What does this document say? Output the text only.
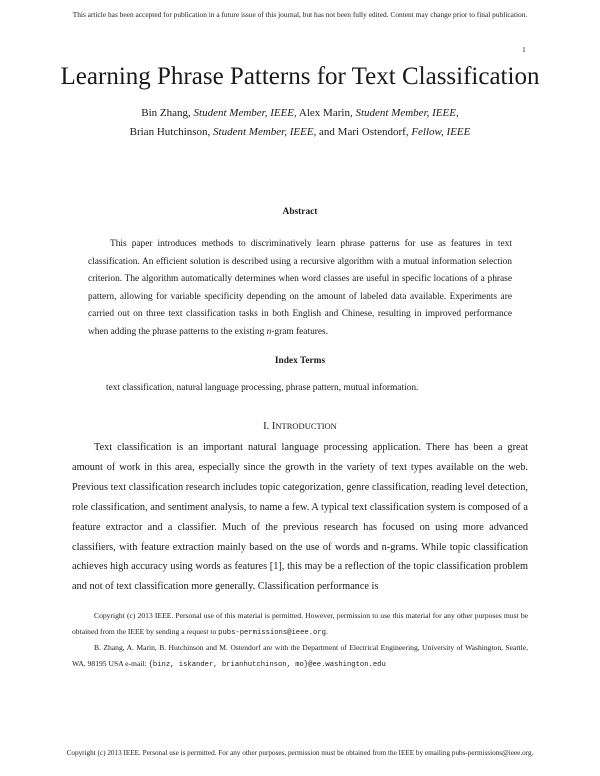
This article has been accepted for publication in a future issue of this journal, but has not been fully edited. Content may change prior to final publication.
1
Learning Phrase Patterns for Text Classification
Bin Zhang, Student Member, IEEE, Alex Marin, Student Member, IEEE,
Brian Hutchinson, Student Member, IEEE, and Mari Ostendorf, Fellow, IEEE
Abstract

This paper introduces methods to discriminatively learn phrase patterns for use as features in text classification. An efficient solution is described using a recursive algorithm with a mutual information selection criterion. The algorithm automatically determines when word classes are useful in specific locations of a phrase pattern, allowing for variable specificity depending on the amount of labeled data available. Experiments are carried out on three text classification tasks in both English and Chinese, resulting in improved performance when adding the phrase patterns to the existing n-gram features.

Index Terms
text classification, natural language processing, phrase pattern, mutual information.
I. INTRODUCTION

Text classification is an important natural language processing application. There has been a great amount of work in this area, especially since the growth in the variety of text types available on the web. Previous text classification research includes topic categorization, genre classification, reading level detection, role classification, and sentiment analysis, to name a few. A typical text classification system is composed of a feature extractor and a classifier. Much of the previous research has focused on using more advanced classifiers, with feature extraction mainly based on the use of words and n-grams. While topic classification achieves high accuracy using words as features [1], this may be a reflection of the topic classification problem and not of text classification more generally. Classification performance is

Copyright (c) 2013 IEEE. Personal use of this material is permitted. However, permission to use this material for any other purposes must be obtained from the IEEE by sending a request to pubs-permissions@ieee.org.

B. Zhang, A. Marin, B. Hutchinson and M. Ostendorf are with the Department of Electrical Engineering, University of Washington, Seattle, WA, 98195 USA e-mail: {binz, iskander, brianhutchinson, mo}@ee.washington.edu

Copyright (c) 2013 IEEE. Personal use is permitted. For any other purposes, permission must be obtained from the IEEE by emailing pubs-permissions@ieee.org.
